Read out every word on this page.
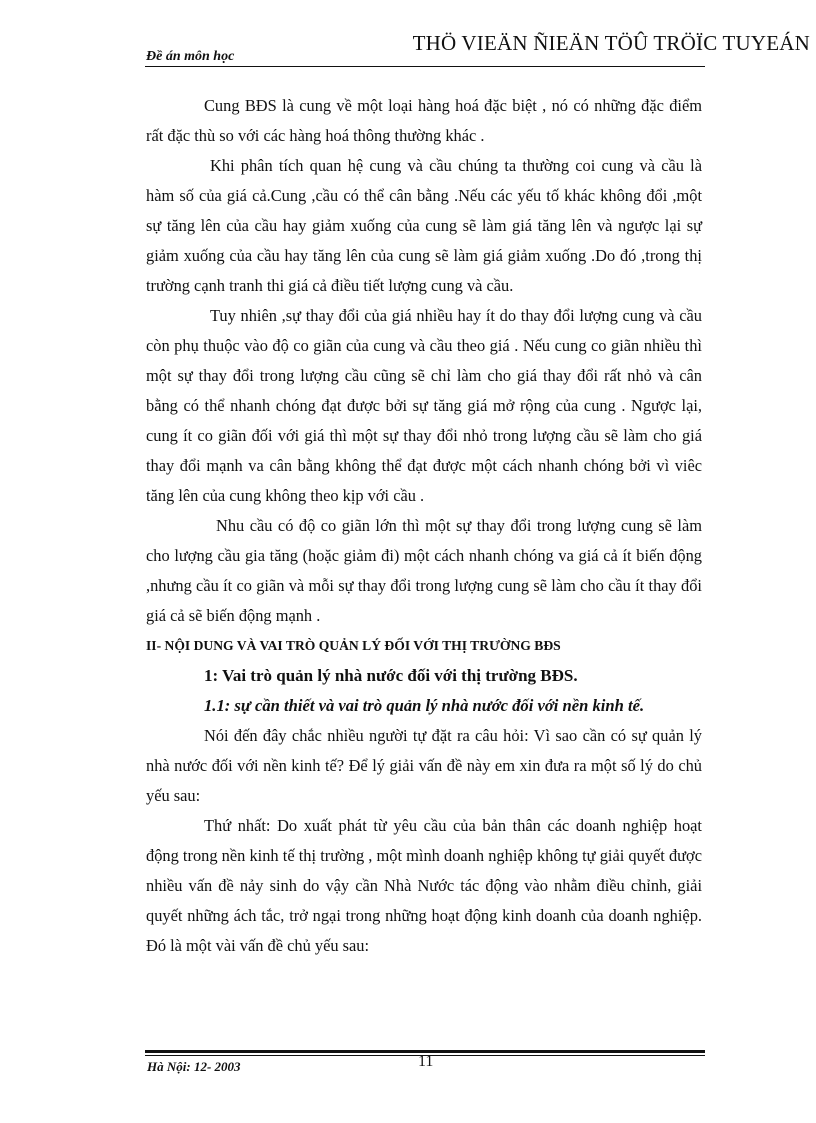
Đề án môn học
THÖ VIEÄN ÑIEÄN TÖÛ TRÖÏC TUYEÁN

Cung BĐS là cung về một loại hàng hoá đặc biệt , nó có những đặc điểm rất đặc thù so với các hàng hoá thông thường khác .

Khi phân tích quan hệ cung và cầu chúng ta thường coi cung và cầu là hàm số của giá cả.Cung ,cầu có thể cân bằng .Nếu các yếu tố khác không đổi ,một sự tăng lên của cầu hay giảm xuống của cung sẽ làm giá tăng lên và ngược lại sự giảm xuống của cầu hay tăng lên của cung sẽ làm giá giảm xuống .Do đó ,trong thị trường cạnh tranh thi giá cả điều tiết lượng cung và cầu.

Tuy nhiên ,sự thay đổi của giá nhiều hay ít do thay đổi lượng cung và cầu còn phụ thuộc vào độ co giãn của cung và cầu theo giá . Nếu cung co giãn nhiều thì một sự thay đổi trong lượng cầu cũng sẽ chỉ làm cho giá thay đổi rất nhỏ và cân bằng có thể nhanh chóng đạt được bởi sự tăng giá mở rộng của cung . Ngược lại, cung ít co giãn đối với giá thì một sự thay đổi nhỏ trong lượng cầu sẽ làm cho giá thay đổi mạnh va cân bằng không thể đạt được một cách nhanh chóng bởi vì viêc tăng lên của cung không theo kịp với cầu .

Nhu cầu có độ co giãn lớn thì một sự thay đổi trong lượng cung sẽ làm cho lượng cầu gia tăng (hoặc giảm đi) một cách nhanh chóng va giá cả ít biến động ,nhưng cầu ít co giãn và mỗi sự thay đổi trong lượng cung sẽ làm cho cầu ít thay đổi giá cả sẽ biến động mạnh .

II- NỘI DUNG VÀ VAI TRÒ QUẢN LÝ ĐỐI VỚI THỊ TRƯỜNG BĐS

1: Vai trò quản lý nhà nước đối với thị trường BĐS.

1.1: sự cần thiết và vai trò quản lý nhà nước đối với nền kinh tế.

Nói đến đây chắc nhiều người tự đặt ra câu hỏi: Vì sao cần có sự quản lý nhà nước đối với nền kinh tế? Để lý giải vấn đề này em xin đưa ra một số lý do chủ yếu sau:

Thứ nhất: Do xuất phát từ yêu cầu của bản thân các doanh nghiệp hoạt động trong nền kinh tế thị trường , một mình doanh nghiệp không tự giải quyết được nhiều vấn đề nảy sinh do vậy cần Nhà Nước tác động vào nhằm điều chỉnh, giải quyết những ách tắc, trở ngại trong những hoạt động kinh doanh của doanh nghiệp. Đó là một vài vấn đề chủ yếu sau:

Hà Nội: 12- 2003	11
